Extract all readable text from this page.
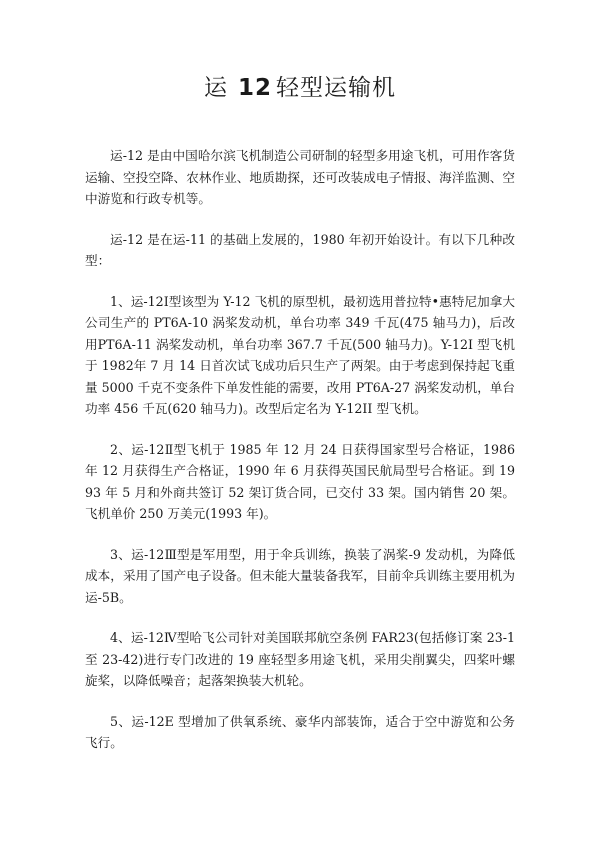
运 12 轻型运输机

运-12 是由中国哈尔滨飞机制造公司研制的轻型多用途飞机，可用作客货运输、空投空降、农林作业、地质勘探，还可改装成电子情报、海洋监测、空中游览和行政专机等。

运-12 是在运-11 的基础上发展的，1980 年初开始设计。有以下几种改型：

1、运-12Ⅰ型该型为 Y-12 飞机的原型机，最初选用普拉特•惠特尼加拿大公司生产的 PT6A-10 涡桨发动机，单台功率 349 千瓦(475 轴马力)，后改用PT6A-11 涡桨发动机，单台功率 367.7 千瓦(500 轴马力)。Y-12I 型飞机于 1982年 7 月 14 日首次试飞成功后只生产了两架。由于考虑到保持起飞重量 5000 千克不变条件下单发性能的需要，改用 PT6A-27 涡桨发动机，单台功率 456 千瓦(620 轴马力)。改型后定名为 Y-12II 型飞机。

2、运-12Ⅱ型飞机于 1985 年 12 月 24 日获得国家型号合格证，1986 年 12 月获得生产合格证，1990 年 6 月获得英国民航局型号合格证。到 1993 年 5 月和外商共签订 52 架订货合同，已交付 33 架。国内销售 20 架。飞机单价 250 万美元(1993 年)。

3、运-12Ⅲ型是军用型，用于伞兵训练，换装了涡桨-9 发动机，为降低成本，采用了国产电子设备。但未能大量装备我军，目前伞兵训练主要用机为运-5B。

4、运-12Ⅳ型哈飞公司针对美国联邦航空条例 FAR23(包括修订案 23-1 至 23-42)进行专门改进的 19 座轻型多用途飞机，采用尖削翼尖，四桨叶螺旋桨，以降低噪音；起落架换装大机轮。

5、运-12E 型增加了供氧系统、豪华内部装饰，适合于空中游览和公务飞行。
